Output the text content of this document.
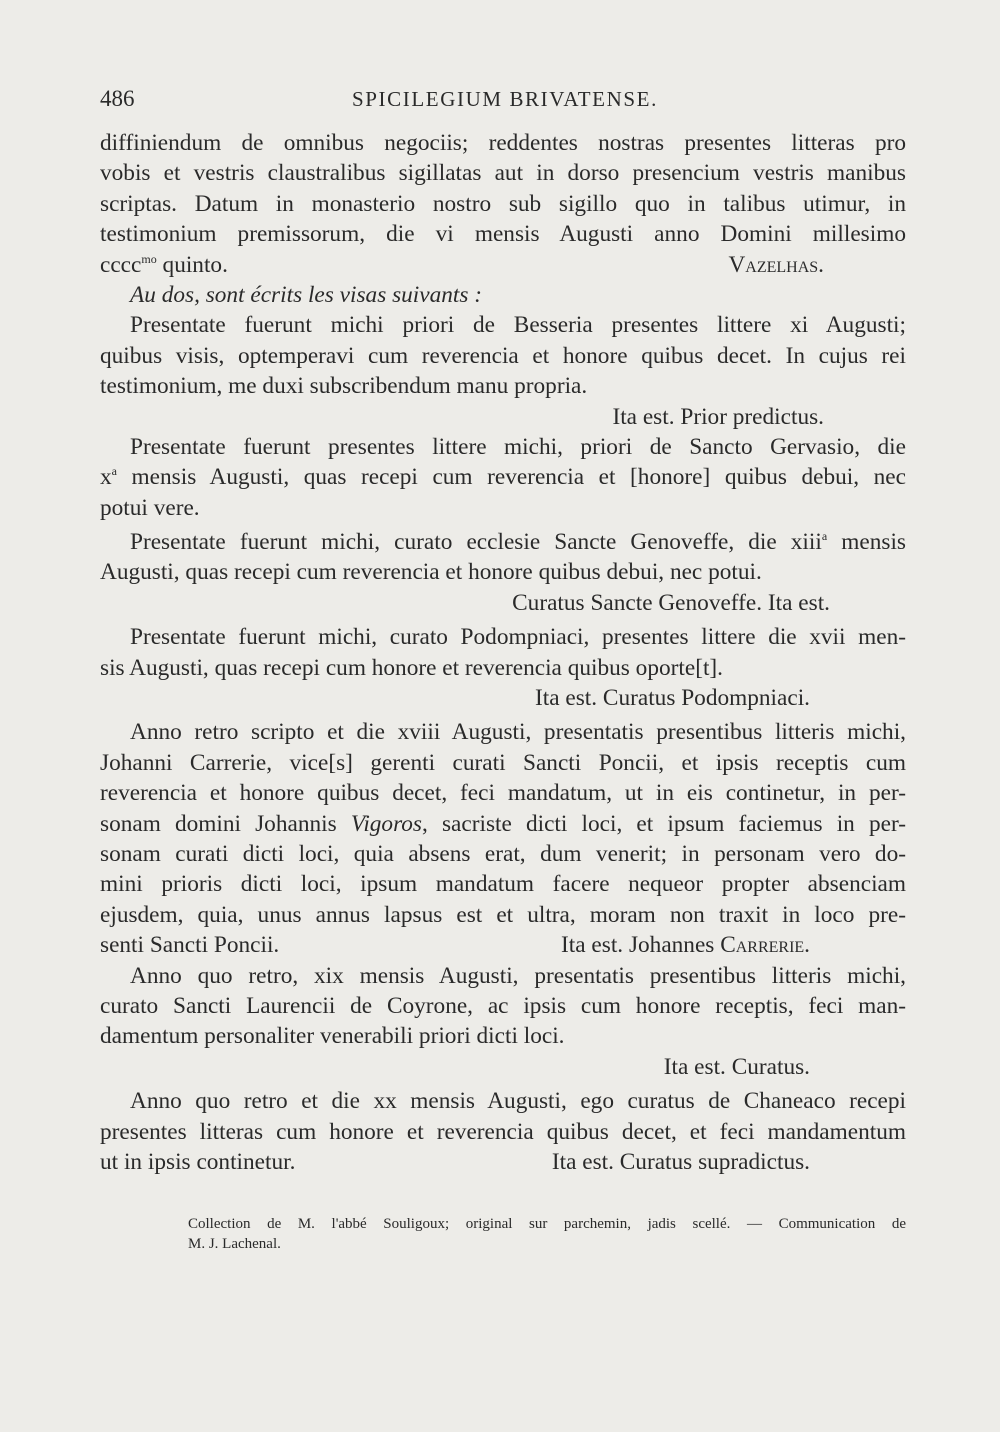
486	SPICILEGIUM BRIVATENSE.
diffiniendum de omnibus negociis; reddentes nostras presentes litteras pro
vobis et vestris claustralibus sigillatas aut in dorso presencium vestris manibus
scriptas. Datum in monasterio nostro sub sigillo quo in talibus utimur, in
testimonium premissorum, die vi mensis Augusti anno Domini millesimo
cccc$^{mo}$ quinto.	Vazelhas.
Au dos, sont écrits les visas suivants :
Presentate fuerunt michi priori de Besseria presentes littere xi Augusti;
quibus visis, optemperavi cum reverencia et honore quibus decet. In cujus rei
testimonium, me duxi subscribendum manu propria.
Ita est. Prior predictus.
Presentate fuerunt presentes littere michi, priori de Sancto Gervasio, die
$x^a$ mensis Augusti, quas recepi cum reverencia et [honore] quibus debui, nec
potui vere.
Presentate fuerunt michi, curato ecclesie Sancte Genoveffe, die xiii$^a$ mensis
Augusti, quas recepi cum reverencia et honore quibus debui, nec potui.
Curatus Sancte Genoveffe. Ita est.
Presentate fuerunt michi, curato Podompniaci, presentes littere die xvii men-
sis Augusti, quas recepi cum honore et reverencia quibus oporte[t].
Ita est. Curatus Podompniaci.
Anno retro scripto et die xviii Augusti, presentatis presentibus litteris michi,
Johanni Carrerie, vice[s] gerenti curati Sancti Poncii, et ipsis receptis cum
reverencia et honore quibus decet, feci mandatum, ut in eis continetur, in per-
sonam domini Johannis Vigoros, sacriste dicti loci, et ipsum faciemus in per-
sonam curati dicti loci, quia absens erat, dum venerit; in personam vero do-
mini prioris dicti loci, ipsum mandatum facere nequeor propter absenciam
ejusdem, quia, unus annus lapsus est et ultra, moram non traxit in loco pre-
senti Sancti Poncii.	Ita est. Johannes Carrerie.
Anno quo retro, xix mensis Augusti, presentatis presentibus litteris michi,
curato Sancti Laurencii de Coyrone, ac ipsis cum honore receptis, feci man-
damentum personaliter venerabili priori dicti loci.
Ita est. Curatus.
Anno quo retro et die xx mensis Augusti, ego curatus de Chaneaco recepi
presentes litteras cum honore et reverencia quibus decet, et feci mandamentum
ut in ipsis continetur.	Ita est. Curatus supradictus.
Collection de M. l'abbé Souligoux; original sur parchemin, jadis scellé. — Communication de
M. J. Lachenal.
